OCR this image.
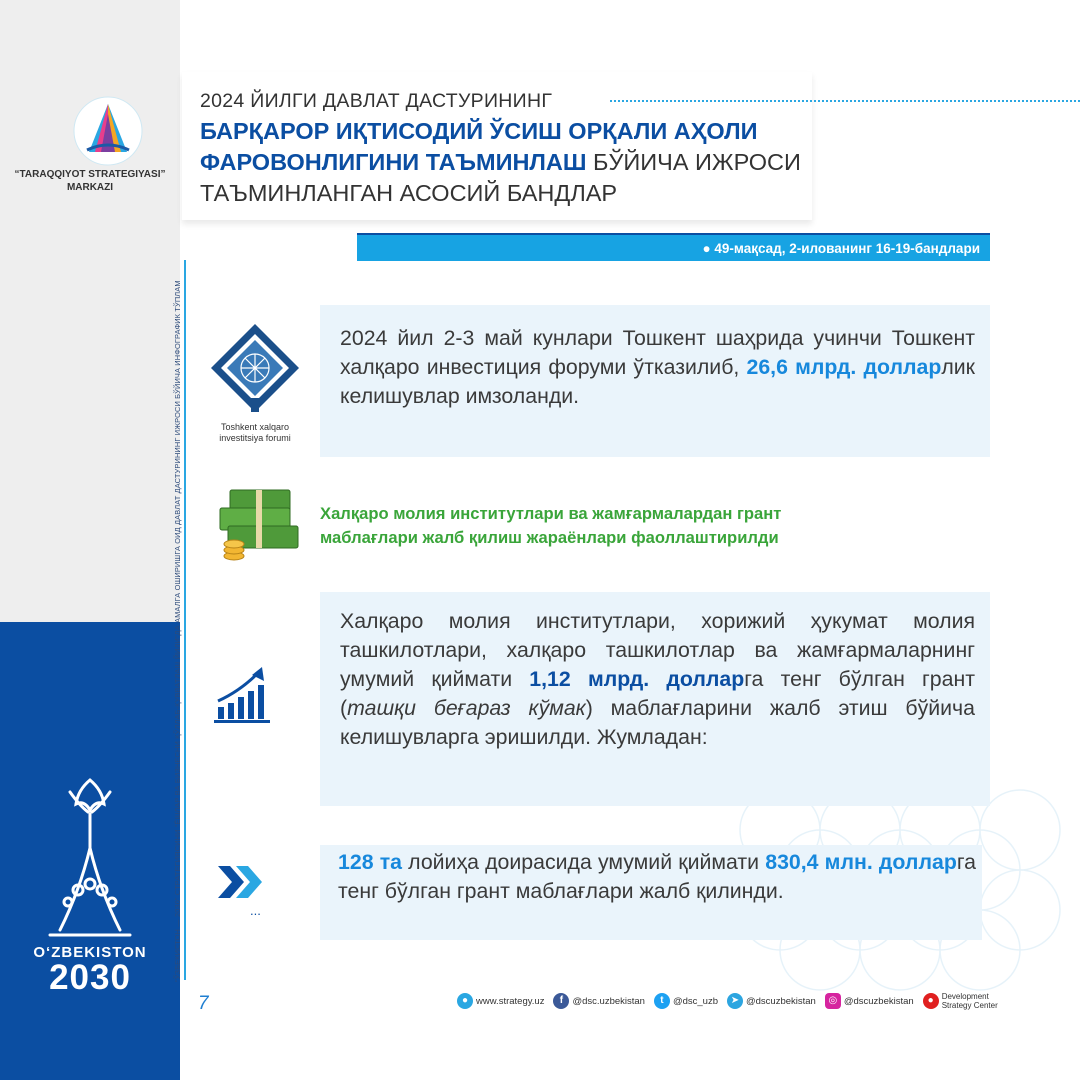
“TARAQQIYOT STRATEGIYASI”
MARKAZI
“ЎЗБЕКИСТОН — 2030” СТРАТЕГИЯСИНИ “ЁШЛАР ВА БИЗНЕСНИ ҚЎЛЛАБ-ҚУВВАТЛАШ ЙИЛИ”ДА АМАЛГА ОШИРИШГА ОИД ДАВЛАТ ДАСТУРИНИНГ ИЖРОСИ БЎЙИЧА ИНФОГРАФИК ТЎПЛАМ
O‘ZBEKISTON
2030
7
2024 ЙИЛГИ ДАВЛАТ ДАСТУРИНИНГ
БАРҚАРОР ИҚТИСОДИЙ ЎСИШ ОРҚАЛИ АҲОЛИ
ФАРОВОНЛИГИНИ ТАЪМИНЛАШ БЎЙИЧА ИЖРОСИ
ТАЪМИНЛАНГАН АСОСИЙ БАНДЛАР
● 49-мақсад, 2-илованинг 16-19-бандлари
Toshkent xalqaro
investitsiya forumi
2024 йил 2-3 май кунлари Тошкент шаҳрида учинчи Тошкент халқаро инвестиция форуми ўтказилиб, 26,6 млрд. долларлик келишувлар имзоланди.
Халқаро молия институтлари ва жамғармалардан грант
маблағлари жалб қилиш жараёнлари фаоллаштирилди
Халқаро молия институтлари, хорижий ҳукумат молия ташкилотлари, халқаро ташкилотлар ва жамғармаларнинг умумий қиймати 1,12 млрд. долларга тенг бўлган грант (ташқи беғараз кўмак) маблағларини жалб этиш бўйича келишувларга эришилди. Жумладан:
...
128 та лойиҳа доирасида умумий қиймати 830,4 млн. долларга тенг бўлган грант маблағлари жалб қилинди.
● www.strategy.uz	f @dsc.uzbekistan	t @dsc_uzb	➤ @dscuzbekistan	◎ @dscuzbekistan	● Development
Strategy Center
